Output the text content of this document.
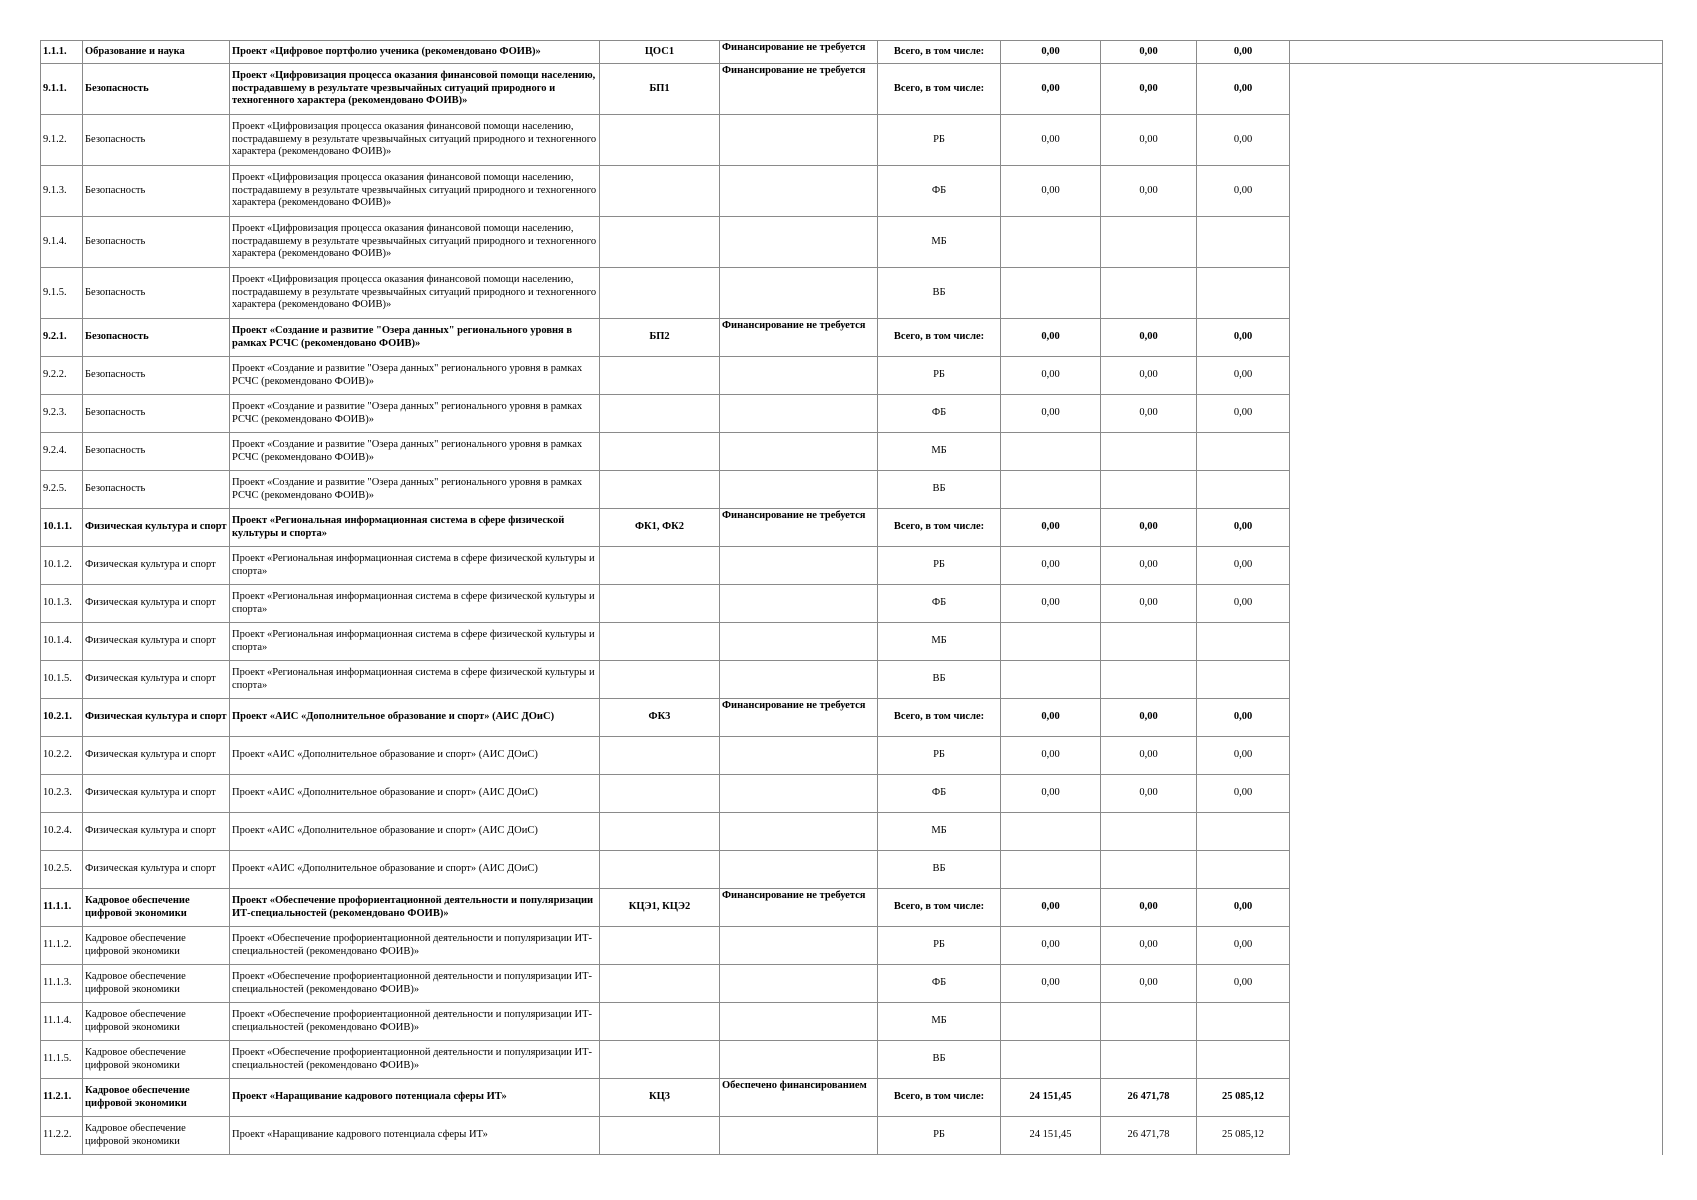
1.1.1.	Образование и наука	Проект «Цифровое портфолио ученика (рекомендовано ФОИВ)»	ЦОС1	Финансирование не требуется	Всего, в том числе:	0,00	0,00	0,00	
9.1.1.	Безопасность	Проект «Цифровизация процесса оказания финансовой помощи населению, пострадавшему в результате чрезвычайных ситуаций природного и техногенного характера (рекомендовано ФОИВ)»	БП1	Финансирование не требуется	Всего, в том числе:	0,00	0,00	0,00	
9.1.2.	Безопасность	Проект «Цифровизация процесса оказания финансовой помощи населению, пострадавшему в результате чрезвычайных ситуаций природного и техногенного характера (рекомендовано ФОИВ)»			РБ	0,00	0,00	0,00	
9.1.3.	Безопасность	Проект «Цифровизация процесса оказания финансовой помощи населению, пострадавшему в результате чрезвычайных ситуаций природного и техногенного характера (рекомендовано ФОИВ)»			ФБ	0,00	0,00	0,00	
9.1.4.	Безопасность	Проект «Цифровизация процесса оказания финансовой помощи населению, пострадавшему в результате чрезвычайных ситуаций природного и техногенного характера (рекомендовано ФОИВ)»			МБ				
9.1.5.	Безопасность	Проект «Цифровизация процесса оказания финансовой помощи населению, пострадавшему в результате чрезвычайных ситуаций природного и техногенного характера (рекомендовано ФОИВ)»			ВБ				
9.2.1.	Безопасность	Проект «Создание и развитие "Озера данных" регионального уровня в рамках РСЧС (рекомендовано ФОИВ)»	БП2	Финансирование не требуется	Всего, в том числе:	0,00	0,00	0,00	
9.2.2.	Безопасность	Проект «Создание и развитие "Озера данных" регионального уровня в рамках РСЧС (рекомендовано ФОИВ)»			РБ	0,00	0,00	0,00	
9.2.3.	Безопасность	Проект «Создание и развитие "Озера данных" регионального уровня в рамках РСЧС (рекомендовано ФОИВ)»			ФБ	0,00	0,00	0,00	
9.2.4.	Безопасность	Проект «Создание и развитие "Озера данных" регионального уровня в рамках РСЧС (рекомендовано ФОИВ)»			МБ				
9.2.5.	Безопасность	Проект «Создание и развитие "Озера данных" регионального уровня в рамках РСЧС (рекомендовано ФОИВ)»			ВБ				
10.1.1.	Физическая культура и спорт	Проект «Региональная информационная система в сфере физической культуры и спорта»	ФК1, ФК2	Финансирование не требуется	Всего, в том числе:	0,00	0,00	0,00	
10.1.2.	Физическая культура и спорт	Проект «Региональная информационная система в сфере физической культуры и спорта»			РБ	0,00	0,00	0,00	
10.1.3.	Физическая культура и спорт	Проект «Региональная информационная система в сфере физической культуры и спорта»			ФБ	0,00	0,00	0,00	
10.1.4.	Физическая культура и спорт	Проект «Региональная информационная система в сфере физической культуры и спорта»			МБ				
10.1.5.	Физическая культура и спорт	Проект «Региональная информационная система в сфере физической культуры и спорта»			ВБ				
10.2.1.	Физическая культура и спорт	Проект «АИС «Дополнительное образование и спорт» (АИС ДОиС)	ФК3	Финансирование не требуется	Всего, в том числе:	0,00	0,00	0,00	
10.2.2.	Физическая культура и спорт	Проект «АИС «Дополнительное образование и спорт» (АИС ДОиС)			РБ	0,00	0,00	0,00	
10.2.3.	Физическая культура и спорт	Проект «АИС «Дополнительное образование и спорт» (АИС ДОиС)			ФБ	0,00	0,00	0,00	
10.2.4.	Физическая культура и спорт	Проект «АИС «Дополнительное образование и спорт» (АИС ДОиС)			МБ				
10.2.5.	Физическая культура и спорт	Проект «АИС «Дополнительное образование и спорт» (АИС ДОиС)			ВБ				
11.1.1.	Кадровое обеспечение цифровой экономики	Проект «Обеспечение профориентационной деятельности и популяризации ИТ-специальностей (рекомендовано ФОИВ)»	КЦЭ1, КЦЭ2	Финансирование не требуется	Всего, в том числе:	0,00	0,00	0,00	
11.1.2.	Кадровое обеспечение цифровой экономики	Проект «Обеспечение профориентационной деятельности и популяризации ИТ-специальностей (рекомендовано ФОИВ)»			РБ	0,00	0,00	0,00	
11.1.3.	Кадровое обеспечение цифровой экономики	Проект «Обеспечение профориентационной деятельности и популяризации ИТ-специальностей (рекомендовано ФОИВ)»			ФБ	0,00	0,00	0,00	
11.1.4.	Кадровое обеспечение цифровой экономики	Проект «Обеспечение профориентационной деятельности и популяризации ИТ-специальностей (рекомендовано ФОИВ)»			МБ				
11.1.5.	Кадровое обеспечение цифровой экономики	Проект «Обеспечение профориентационной деятельности и популяризации ИТ-специальностей (рекомендовано ФОИВ)»			ВБ				
11.2.1.	Кадровое обеспечение цифровой экономики	Проект «Наращивание кадрового потенциала сферы ИТ»	КЦ3	Обеспечено финансированием	Всего, в том числе:	24 151,45	26 471,78	25 085,12	
11.2.2.	Кадровое обеспечение цифровой экономики	Проект «Наращивание кадрового потенциала сферы ИТ»			РБ	24 151,45	26 471,78	25 085,12	
